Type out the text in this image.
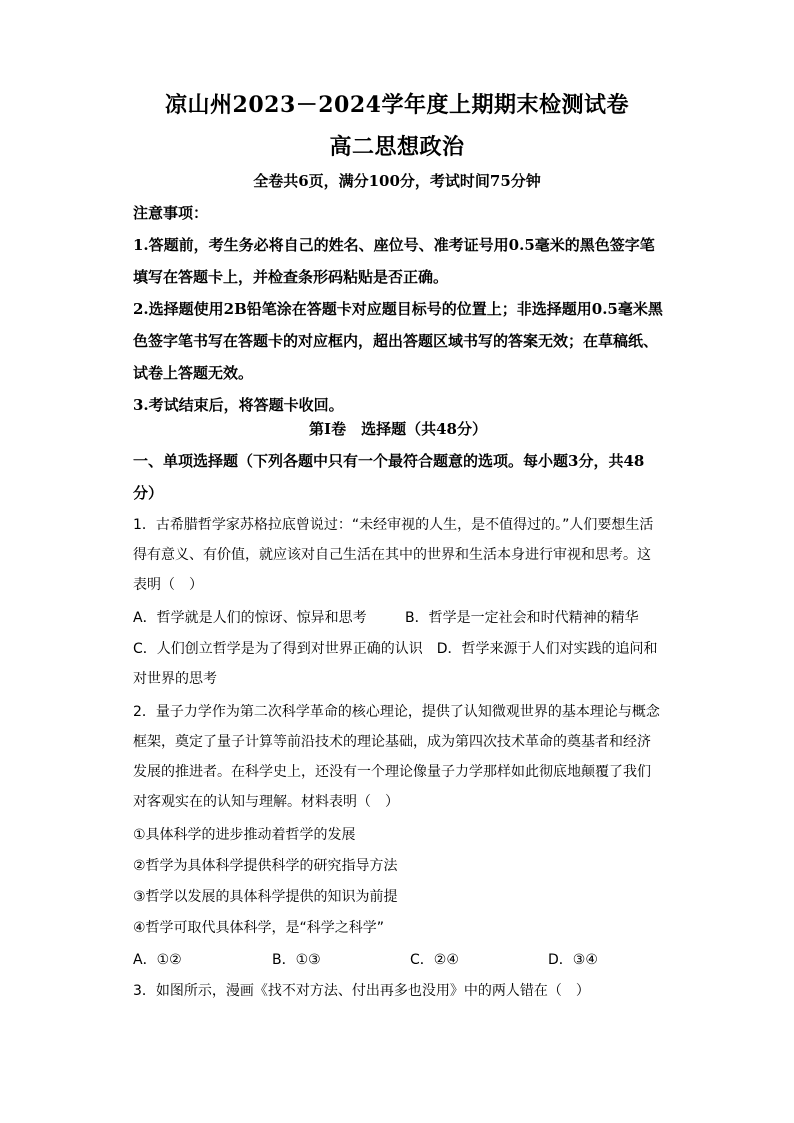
凉山州2023－2024学年度上期期末检测试卷
高二思想政治
全卷共6页，满分100分，考试时间75分钟
注意事项：
1.答题前，考生务必将自己的姓名、座位号、准考证号用0.5毫米的黑色签字笔填写在答题卡上，并检查条形码粘贴是否正确。
2.选择题使用2B铅笔涂在答题卡对应题目标号的位置上；非选择题用0.5毫米黑色签字笔书写在答题卡的对应框内，超出答题区域书写的答案无效；在草稿纸、试卷上答题无效。
3.考试结束后，将答题卡收回。
第Ⅰ卷　选择题（共48分）
一、单项选择题（下列各题中只有一个最符合题意的选项。每小题3分，共48分）
1．古希腊哲学家苏格拉底曾说过：“未经审视的人生，是不值得过的。”人们要想生活得有意义、有价值，就应该对自己生活在其中的世界和生活本身进行审视和思考。这表明（　）
A．哲学就是人们的惊讶、惊异和思考	B．哲学是一定社会和时代精神的精华
C．人们创立哲学是为了得到对世界正确的认识　 D．哲学来源于人们对实践的追问和对世界的思考
2．量子力学作为第二次科学革命的核心理论，提供了认知微观世界的基本理论与概念框架，奠定了量子计算等前沿技术的理论基础，成为第四次技术革命的奠基者和经济发展的推进者。在科学史上，还没有一个理论像量子力学那样如此彻底地颠覆了我们对客观实在的认知与理解。材料表明（　）
①具体科学的进步推动着哲学的发展
②哲学为具体科学提供科学的研究指导方法
③哲学以发展的具体科学提供的知识为前提
④哲学可取代具体科学，是“科学之科学”
A．①②	B．①③	C．②④	D．③④
3．如图所示，漫画《找不对方法、付出再多也没用》中的两人错在（　）
